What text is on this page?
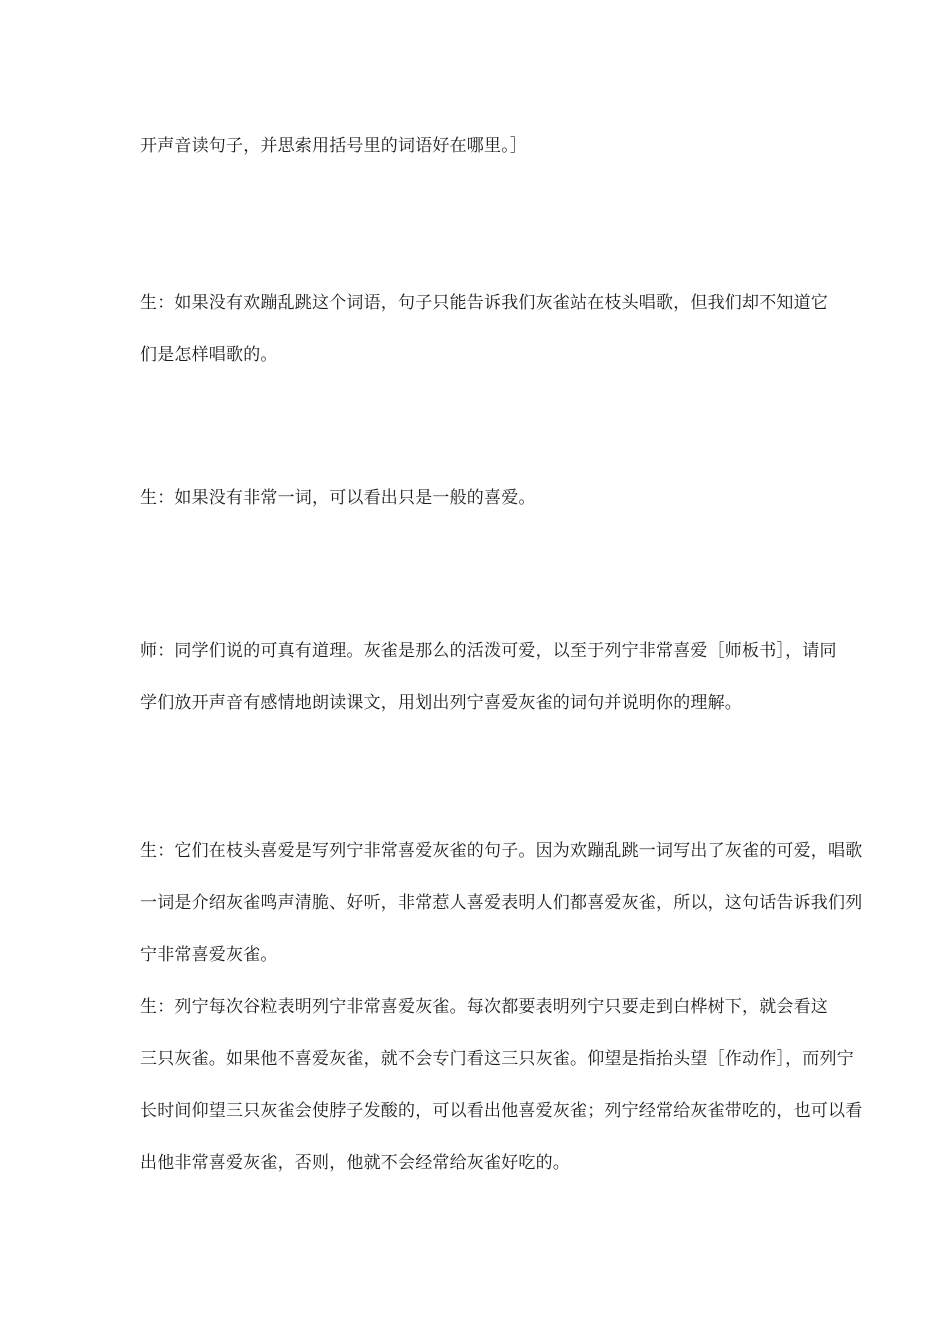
开声音读句子，并思索用括号里的词语好在哪里。］
生：如果没有欢蹦乱跳这个词语，句子只能告诉我们灰雀站在枝头唱歌，但我们却不知道它
们是怎样唱歌的。
生：如果没有非常一词，可以看出只是一般的喜爱。
师：同学们说的可真有道理。灰雀是那么的活泼可爱，以至于列宁非常喜爱［师板书］，请同
学们放开声音有感情地朗读课文，用划出列宁喜爱灰雀的词句并说明你的理解。
生：它们在枝头喜爱是写列宁非常喜爱灰雀的句子。因为欢蹦乱跳一词写出了灰雀的可爱，唱歌
一词是介绍灰雀鸣声清脆、好听，非常惹人喜爱表明人们都喜爱灰雀，所以，这句话告诉我们列
宁非常喜爱灰雀。
生：列宁每次谷粒表明列宁非常喜爱灰雀。每次都要表明列宁只要走到白桦树下，就会看这
三只灰雀。如果他不喜爱灰雀，就不会专门看这三只灰雀。仰望是指抬头望［作动作］，而列宁
长时间仰望三只灰雀会使脖子发酸的，可以看出他喜爱灰雀；列宁经常给灰雀带吃的，也可以看
出他非常喜爱灰雀，否则，他就不会经常给灰雀好吃的。
